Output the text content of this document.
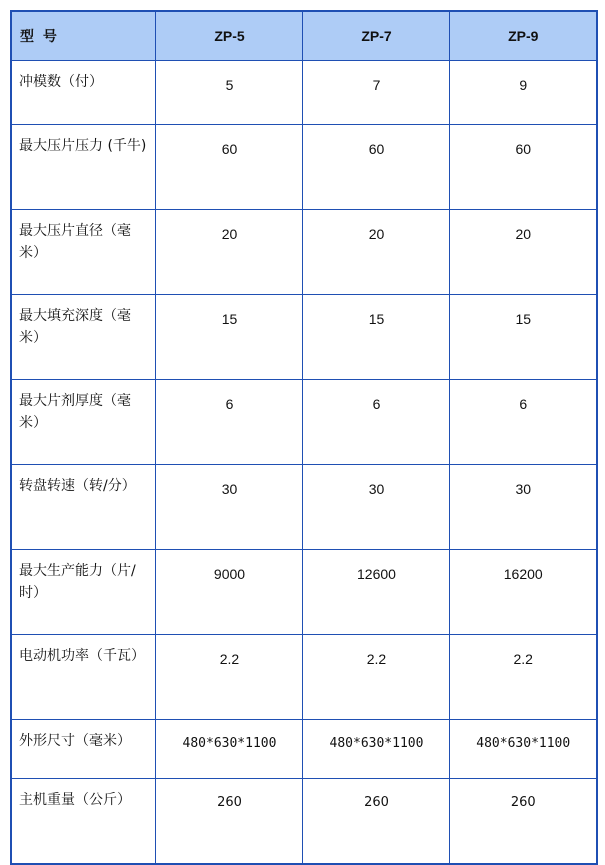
型 号	ZP-5	ZP-7	ZP-9
冲模数（付）	5	7	9
最大压片压力 (千牛)	60	60	60
最大压片直径（毫米）	20	20	20
最大填充深度（毫米）	15	15	15
最大片剂厚度（毫米）	6	6	6
转盘转速（转/分）	30	30	30
最大生产能力（片/时）	9000	12600	16200
电动机功率（千瓦）	2.2	2.2	2.2
外形尺寸（毫米）	480*630*1100	480*630*1100	480*630*1100
主机重量（公斤）	260	260	260
